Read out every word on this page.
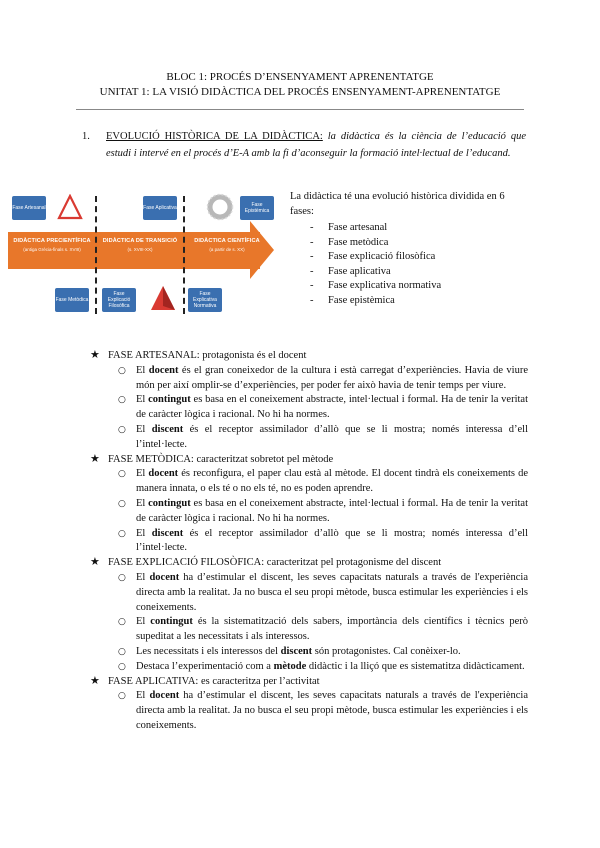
BLOC 1: PROCÉS D’ENSENYAMENT APRENENTATGE
UNITAT 1: LA VISIÓ DIDÀCTICA DEL PROCÉS ENSENYAMENT-APRENENTATGE
1. EVOLUCIÓ HISTÒRICA DE LA DIDÀCTICA: la didàctica és la ciència de l’educació que estudi i intervé en el procés d’E-A amb la fi d’aconseguir la formació intel·lectual de l’educand.
DIDÀCTICA PRECIENTÍFICA
(antiga Grècia-finals s. XVIII)
DIDÀCTICA DE TRANSICIÓ
(s. XVIII-XX)
DIDÀCTICA CIENTÍFICA
(a partir de s. XX)
Fase Artesanal	Fase Aplicativa	Fase Epistèmica
Fase Metòdica
Fase Explicació Filosòfica
Fase Explicativa Normativa
La didàctica té una evolució històrica dividida en 6 fases:
- Fase artesanal
- Fase metòdica
- Fase explicació filosòfica
- Fase aplicativa
- Fase explicativa normativa
- Fase epistèmica
★ FASE ARTESANAL: protagonista és el docent
○ El docent és el gran coneixedor de la cultura i està carregat d’experiències. Havia de viure món per així omplir-se d’experiències, per poder fer això havia de tenir temps per viure.
○ El contingut es basa en el coneixement abstracte, intel·lectual i formal. Ha de tenir la veritat de caràcter lògica i racional. No hi ha normes.
○ El discent és el receptor assimilador d’allò que se li mostra; només interessa d’ell l’intel·lecte.
★ FASE METÒDICA: caracteritzat sobretot pel mètode
○ El docent és reconfigura, el paper clau està al mètode. El docent tindrà els coneixements de manera innata, o els té o no els té, no es poden aprendre.
○ El contingut es basa en el coneixement abstracte, intel·lectual i formal. Ha de tenir la veritat de caràcter lògica i racional. No hi ha normes.
○ El discent és el receptor assimilador d’allò que se li mostra; només interessa d’ell l’intel·lecte.
★ FASE EXPLICACIÓ FILOSÒFICA: caracteritzat pel protagonisme del discent
○ El docent ha d’estimular el discent, les seves capacitats naturals a través de l'experiència directa amb la realitat. Ja no busca el seu propi mètode, busca estimular les experiències i els coneixements.
○ El contingut és la sistematització dels sabers, importància dels científics i tècnics però supeditat a les necessitats i als interessos.
○ Les necessitats i els interessos del discent són protagonistes. Cal conèixer-lo.
○ Destaca l’experimentació com a mètode didàctic i la lliçó que es sistematitza didàcticament.
★ FASE APLICATIVA: es caracteritza per l’activitat
○ El docent ha d’estimular el discent, les seves capacitats naturals a través de l'experiència directa amb la realitat. Ja no busca el seu propi mètode, busca estimular les experiències i els coneixements.
